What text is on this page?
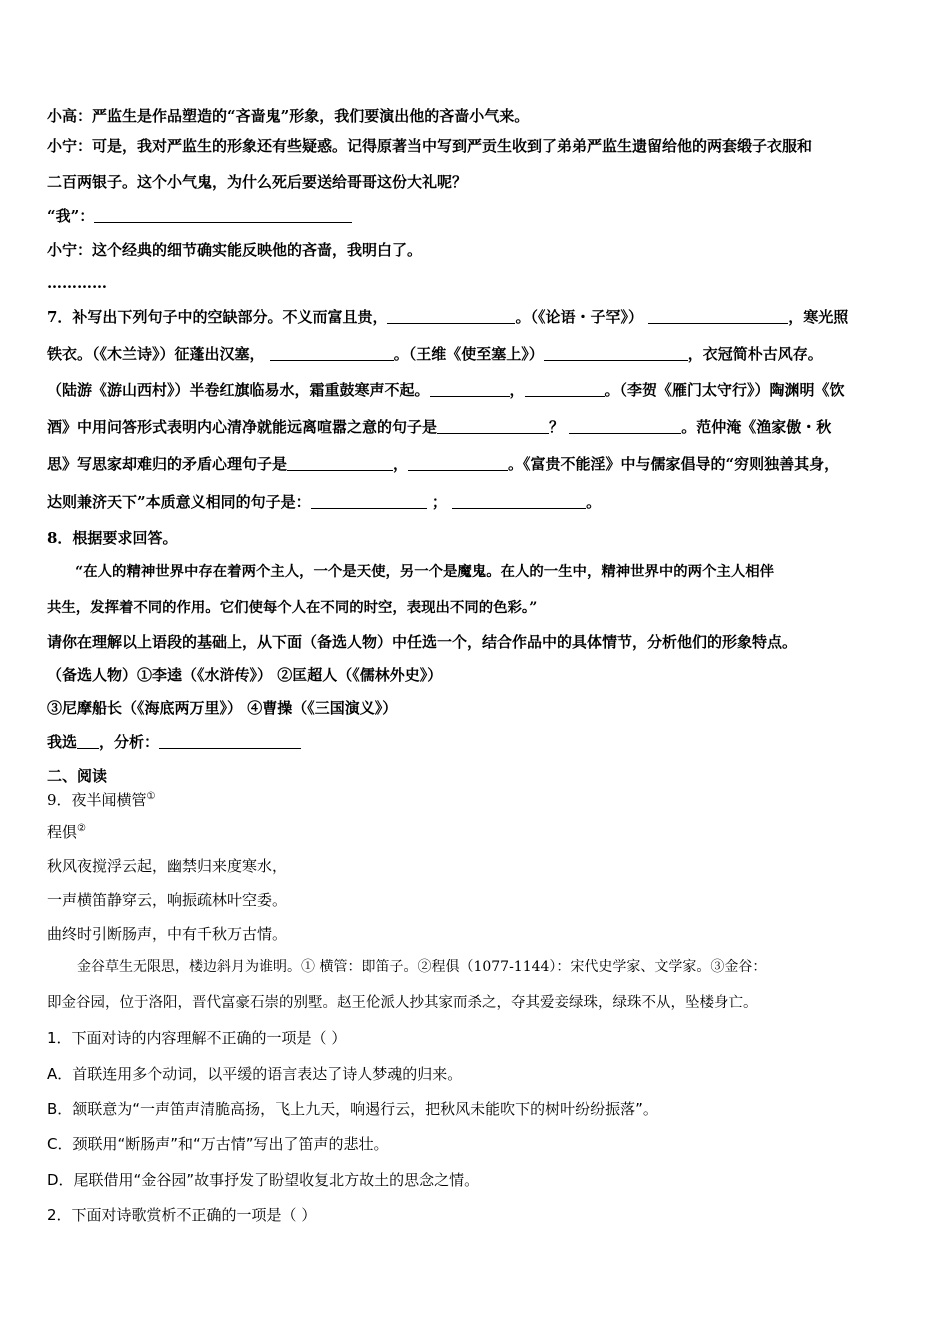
小高：严监生是作品塑造的“吝啬鬼”形象，我们要演出他的吝啬小气来。

小宁：可是，我对严监生的形象还有些疑惑。记得原著当中写到严贡生收到了弟弟严监生遗留给他的两套缎子衣服和

二百两银子。这个小气鬼，为什么死后要送给哥哥这份大礼呢？

“我”：

小宁：这个经典的细节确实能反映他的吝啬，我明白了。

…………

7．补写出下列句子中的空缺部分。不义而富且贵，	。（《论语・子罕》）	，寒光照

铁衣。（《木兰诗》）征蓬出汉塞，	。（王维《使至塞上》）	，衣冠简朴古风存。

（陆游《游山西村》）半卷红旗临易水，霜重鼓寒声不起。	，	。（李贺《雁门太守行》）陶渊明《饮

酒》中用问答形式表明内心清净就能远离喧嚣之意的句子是	？	。范仲淹《渔家傲・秋

思》写思家却难归的矛盾心理句子是	，	。《富贵不能淫》中与儒家倡导的“穷则独善其身，

达则兼济天下”本质意义相同的句子是：	；	。

8．根据要求回答。

“在人的精神世界中存在着两个主人，一个是天使，另一个是魔鬼。在人的一生中，精神世界中的两个主人相伴

共生，发挥着不同的作用。它们使每个人在不同的时空，表现出不同的色彩。”

请你在理解以上语段的基础上，从下面（备选人物）中任选一个，结合作品中的具体情节，分析他们的形象特点。

（备选人物）①李逵（《水浒传》） ②匡超人（《儒林外史》）

③尼摩船长（《海底两万里》） ④曹操（《三国演义》）

我选 ，分析：

二、阅读

9．夜半闻横管①

程俱②

秋风夜搅浮云起，幽禁归来度寒水，

一声横笛静穿云，响振疏林叶空委。

曲终时引断肠声，中有千秋万古情。

金谷草生无限思，楼边斜月为谁明。① 横管：即笛子。②程俱（1077-1144）：宋代史学家、文学家。③金谷：

即金谷园，位于洛阳，晋代富豪石崇的别墅。赵王伦派人抄其家而杀之，夺其爱妾绿珠，绿珠不从，坠楼身亡。

1．下面对诗的内容理解不正确的一项是（ ）

A．首联连用多个动词，以平缓的语言表达了诗人梦魂的归来。

B．颔联意为“一声笛声清脆高扬，飞上九天，响遏行云，把秋风未能吹下的树叶纷纷振落”。

C．颈联用“断肠声”和“万古情”写出了笛声的悲壮。

D．尾联借用“金谷园”故事抒发了盼望收复北方故土的思念之情。

2．下面对诗歌赏析不正确的一项是（ ）
